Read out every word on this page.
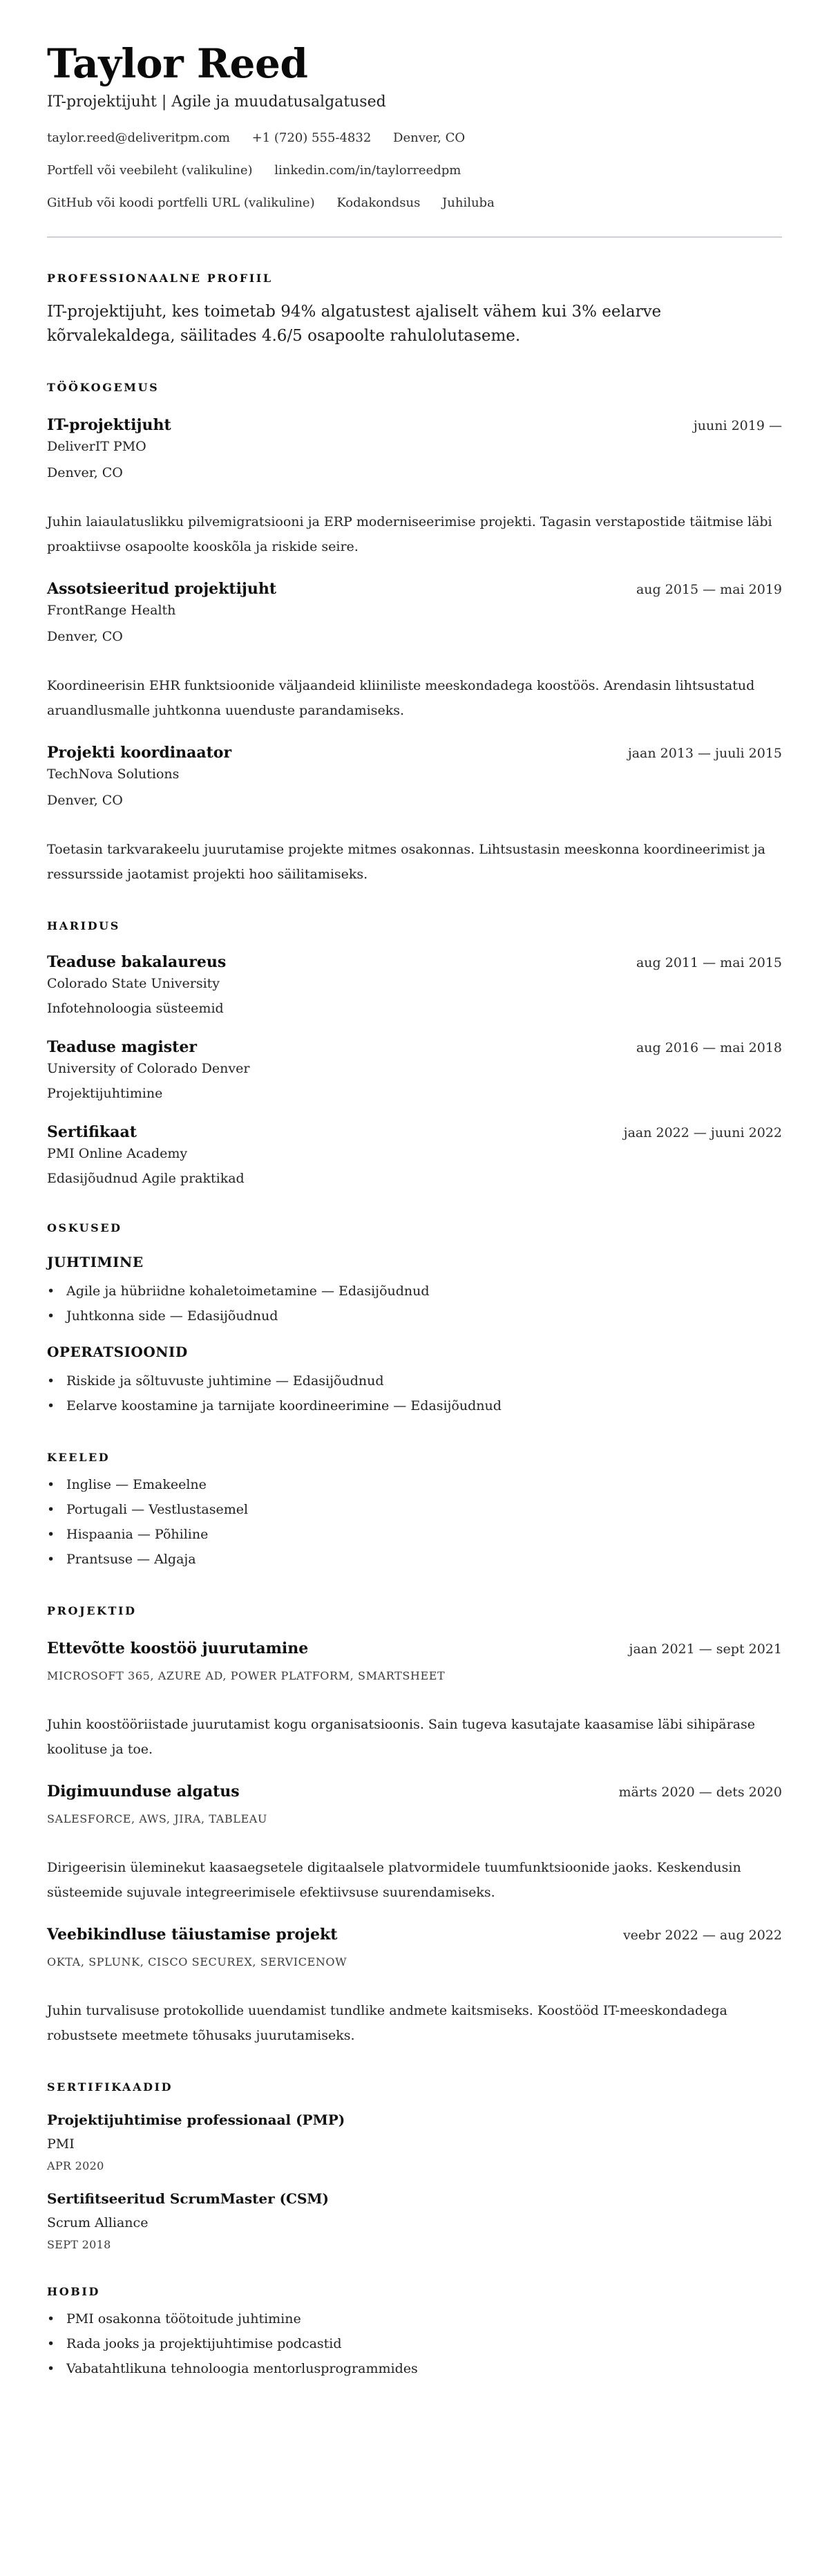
Taylor Reed
IT-projektijuht | Agile ja muudatusalgatused
taylor.reed@deliveritpm.com +1 (720) 555-4832 Denver, CO
Portfell või veebileht (valikuline) linkedin.com/in/taylorreedpm
GitHub või koodi portfelli URL (valikuline) Kodakondsus Juhiluba
PROFESSIONAALNE PROFIIL

IT-projektijuht, kes toimetab 94% algatustest ajaliselt vähem kui 3% eelarve kõrvalekaldega, säilitades 4.6/5 osapoolte rahulolutaseme.

TÖÖKOGEMUS
IT-projektijuht	juuni 2019 —
DeliverIT PMO
Denver, CO

Juhin laiaulatuslikku pilvemigratsiooni ja ERP moderniseerimise projekti. Tagasin verstapostide täitmise läbi proaktiivse osapoolte kooskõla ja riskide seire.

Assotsieeritud projektijuht	aug 2015 — mai 2019
FrontRange Health
Denver, CO

Koordineerisin EHR funktsioonide väljaandeid kliiniliste meeskondadega koostöös. Arendasin lihtsustatud aruandlusmalle juhtkonna uuenduste parandamiseks.

Projekti koordinaator	jaan 2013 — juuli 2015
TechNova Solutions
Denver, CO

Toetasin tarkvarakeelu juurutamise projekte mitmes osakonnas. Lihtsustasin meeskonna koordineerimist ja ressursside jaotamist projekti hoo säilitamiseks.

HARIDUS
Teaduse bakalaureus	aug 2011 — mai 2015
Colorado State University
Infotehnoloogia süsteemid
Teaduse magister	aug 2016 — mai 2018
University of Colorado Denver
Projektijuhtimine
Sertifikaat	jaan 2022 — juuni 2022
PMI Online Academy
Edasijõudnud Agile praktikad
OSKUSED
JUHTIMINE
• Agile ja hübriidne kohaletoimetamine — Edasijõudnud
• Juhtkonna side — Edasijõudnud
OPERATSIOONID
• Riskide ja sõltuvuste juhtimine — Edasijõudnud
• Eelarve koostamine ja tarnijate koordineerimine — Edasijõudnud
KEELED
• Inglise — Emakeelne
• Portugali — Vestlustasemel
• Hispaania — Põhiline
• Prantsuse — Algaja
PROJEKTID
Ettevõtte koostöö juurutamine	jaan 2021 — sept 2021
MICROSOFT 365, AZURE AD, POWER PLATFORM, SMARTSHEET

Juhin koostööriistade juurutamist kogu organisatsioonis. Sain tugeva kasutajate kaasamise läbi sihipärase koolituse ja toe.

Digimuunduse algatus	märts 2020 — dets 2020
SALESFORCE, AWS, JIRA, TABLEAU

Dirigeerisin üleminekut kaasaegsetele digitaalsele platvormidele tuumfunktsioonide jaoks. Keskendusin süsteemide sujuvale integreerimisele efektiivsuse suurendamiseks.

Veebikindluse täiustamise projekt	veebr 2022 — aug 2022
OKTA, SPLUNK, CISCO SECUREX, SERVICENOW

Juhin turvalisuse protokollide uuendamist tundlike andmete kaitsmiseks. Koostööd IT-meeskondadega robustsete meetmete tõhusaks juurutamiseks.

SERTIFIKAADID
Projektijuhtimise professionaal (PMP)
PMI
APR 2020
Sertifitseeritud ScrumMaster (CSM)
Scrum Alliance
SEPT 2018
HOBID
• PMI osakonna töötoitude juhtimine
• Rada jooks ja projektijuhtimise podcastid
• Vabatahtlikuna tehnoloogia mentorlusprogrammides
